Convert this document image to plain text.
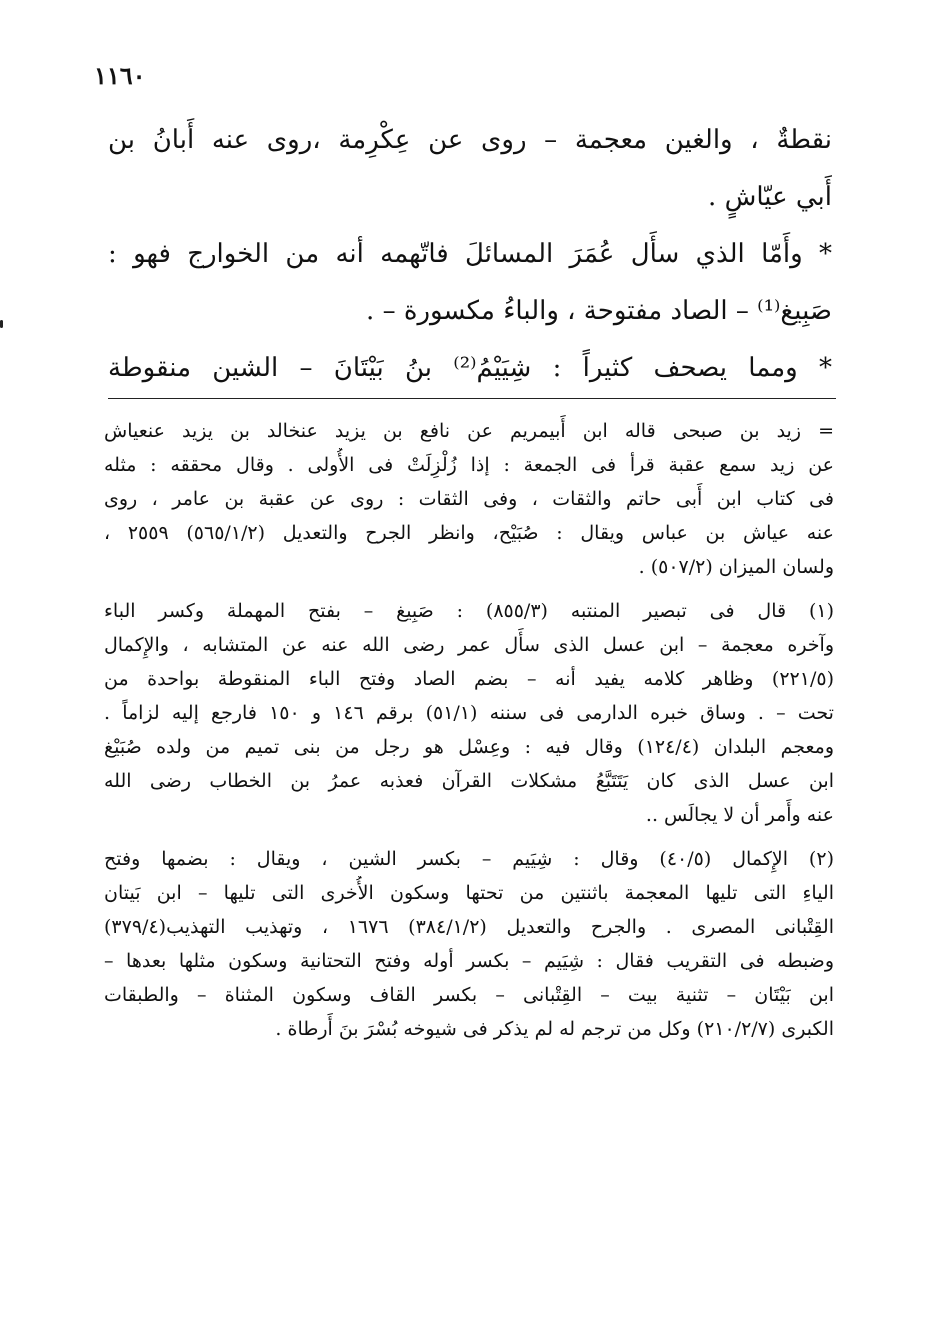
١١٦٠
نقطةٌ ، والغين معجمة – روى عن عِكْرِمة ،روى عنه أَبانُ بن
أَبي عيّاشٍ .
* وأَمّا الذي سأَل عُمَرَ المسائلَ فاتّهمه أنه من الخوارج فهو :
صَبِيغ⁽¹⁾ – الصاد مفتوحة ، والباءُ مكسورة – .
* ومما يصحف كثيراً : شِيَيْمُ⁽²⁾ بنُ بَيْتَانَ – الشين منقوطة
= زيد بن صبحى قاله ابن أَبيمريم عن نافع بن يزيد عنخالد بن يزيد عنعياش
عن زيد سمع عقبة قرأ فى الجمعة : إذا زُلْزِلَتْ فى الأُولى . وقال محققه : مثله
فى كتاب ابن أَبى حاتم والثقات ، وفى الثقات : روى عن عقبة بن عامر ، روى
عنه عياش بن عباس ويقال : صُبَيْح، وانظر الجرح والتعديل (٥٦٥/١/٢) ٢٥٥٩ ،
ولسان الميزان (٥٠٧/٢) .
(١) قال فى تبصير المنتبه (٨٥٥/٣) : صَبِيغ – بفتح المهملة وكسر الباء
وآخره معجمة – ابن عسل الذى سأَل عمر رضى الله عنه عن المتشابه ، والإِكمال
(٢٢١/٥) وظاهر كلامه يفيد أنه – بضم الصاد وفتح الباء المنقوطة بواحدة من
تحت – . وساق خبره الدارمى فى سننه (٥١/١) برقم ١٤٦ و ١٥٠ فارجع إليه لزاماً .
ومعجم البلدان (١٢٤/٤) وقال فيه : وعِسْل هو رجل من بنى تميم من ولده صُبَيْغ
ابن عسل الذى كان يَتَتَبَّعُ مشكلات القرآن فعذبه عمرُ بن الخطاب رضى الله
عنه وأَمر أن لا يجالَس ..
(٢) الإِكمال (٤٠/٥) وقال : شِيَيم – بكسر الشين ، ويقال : بضمها وفتح
الياءِ التى تليها المعجمة باثنتين من تحتها وسكون الأُخرى التى تليها – ابن بَيتان
القِتْبانى المصرى . والجرح والتعديل (٣٨٤/١/٢) ١٦٧٦ ، وتهذيب التهذيب(٣٧٩/٤)
وضبطه فى التقريب فقال : شِيَيم – بكسر أوله وفتح التحتانية وسكون مثلها بعدها –
ابن بَيْتَان – تثنية بيت – القِتْبانى – بكسر القاف وسكون المثناة – والطبقات
الكبرى (٢١٠/٢/٧) وكل من ترجم له لم يذكر فى شيوخه بُسْرَ بنَ أَرطاة .
